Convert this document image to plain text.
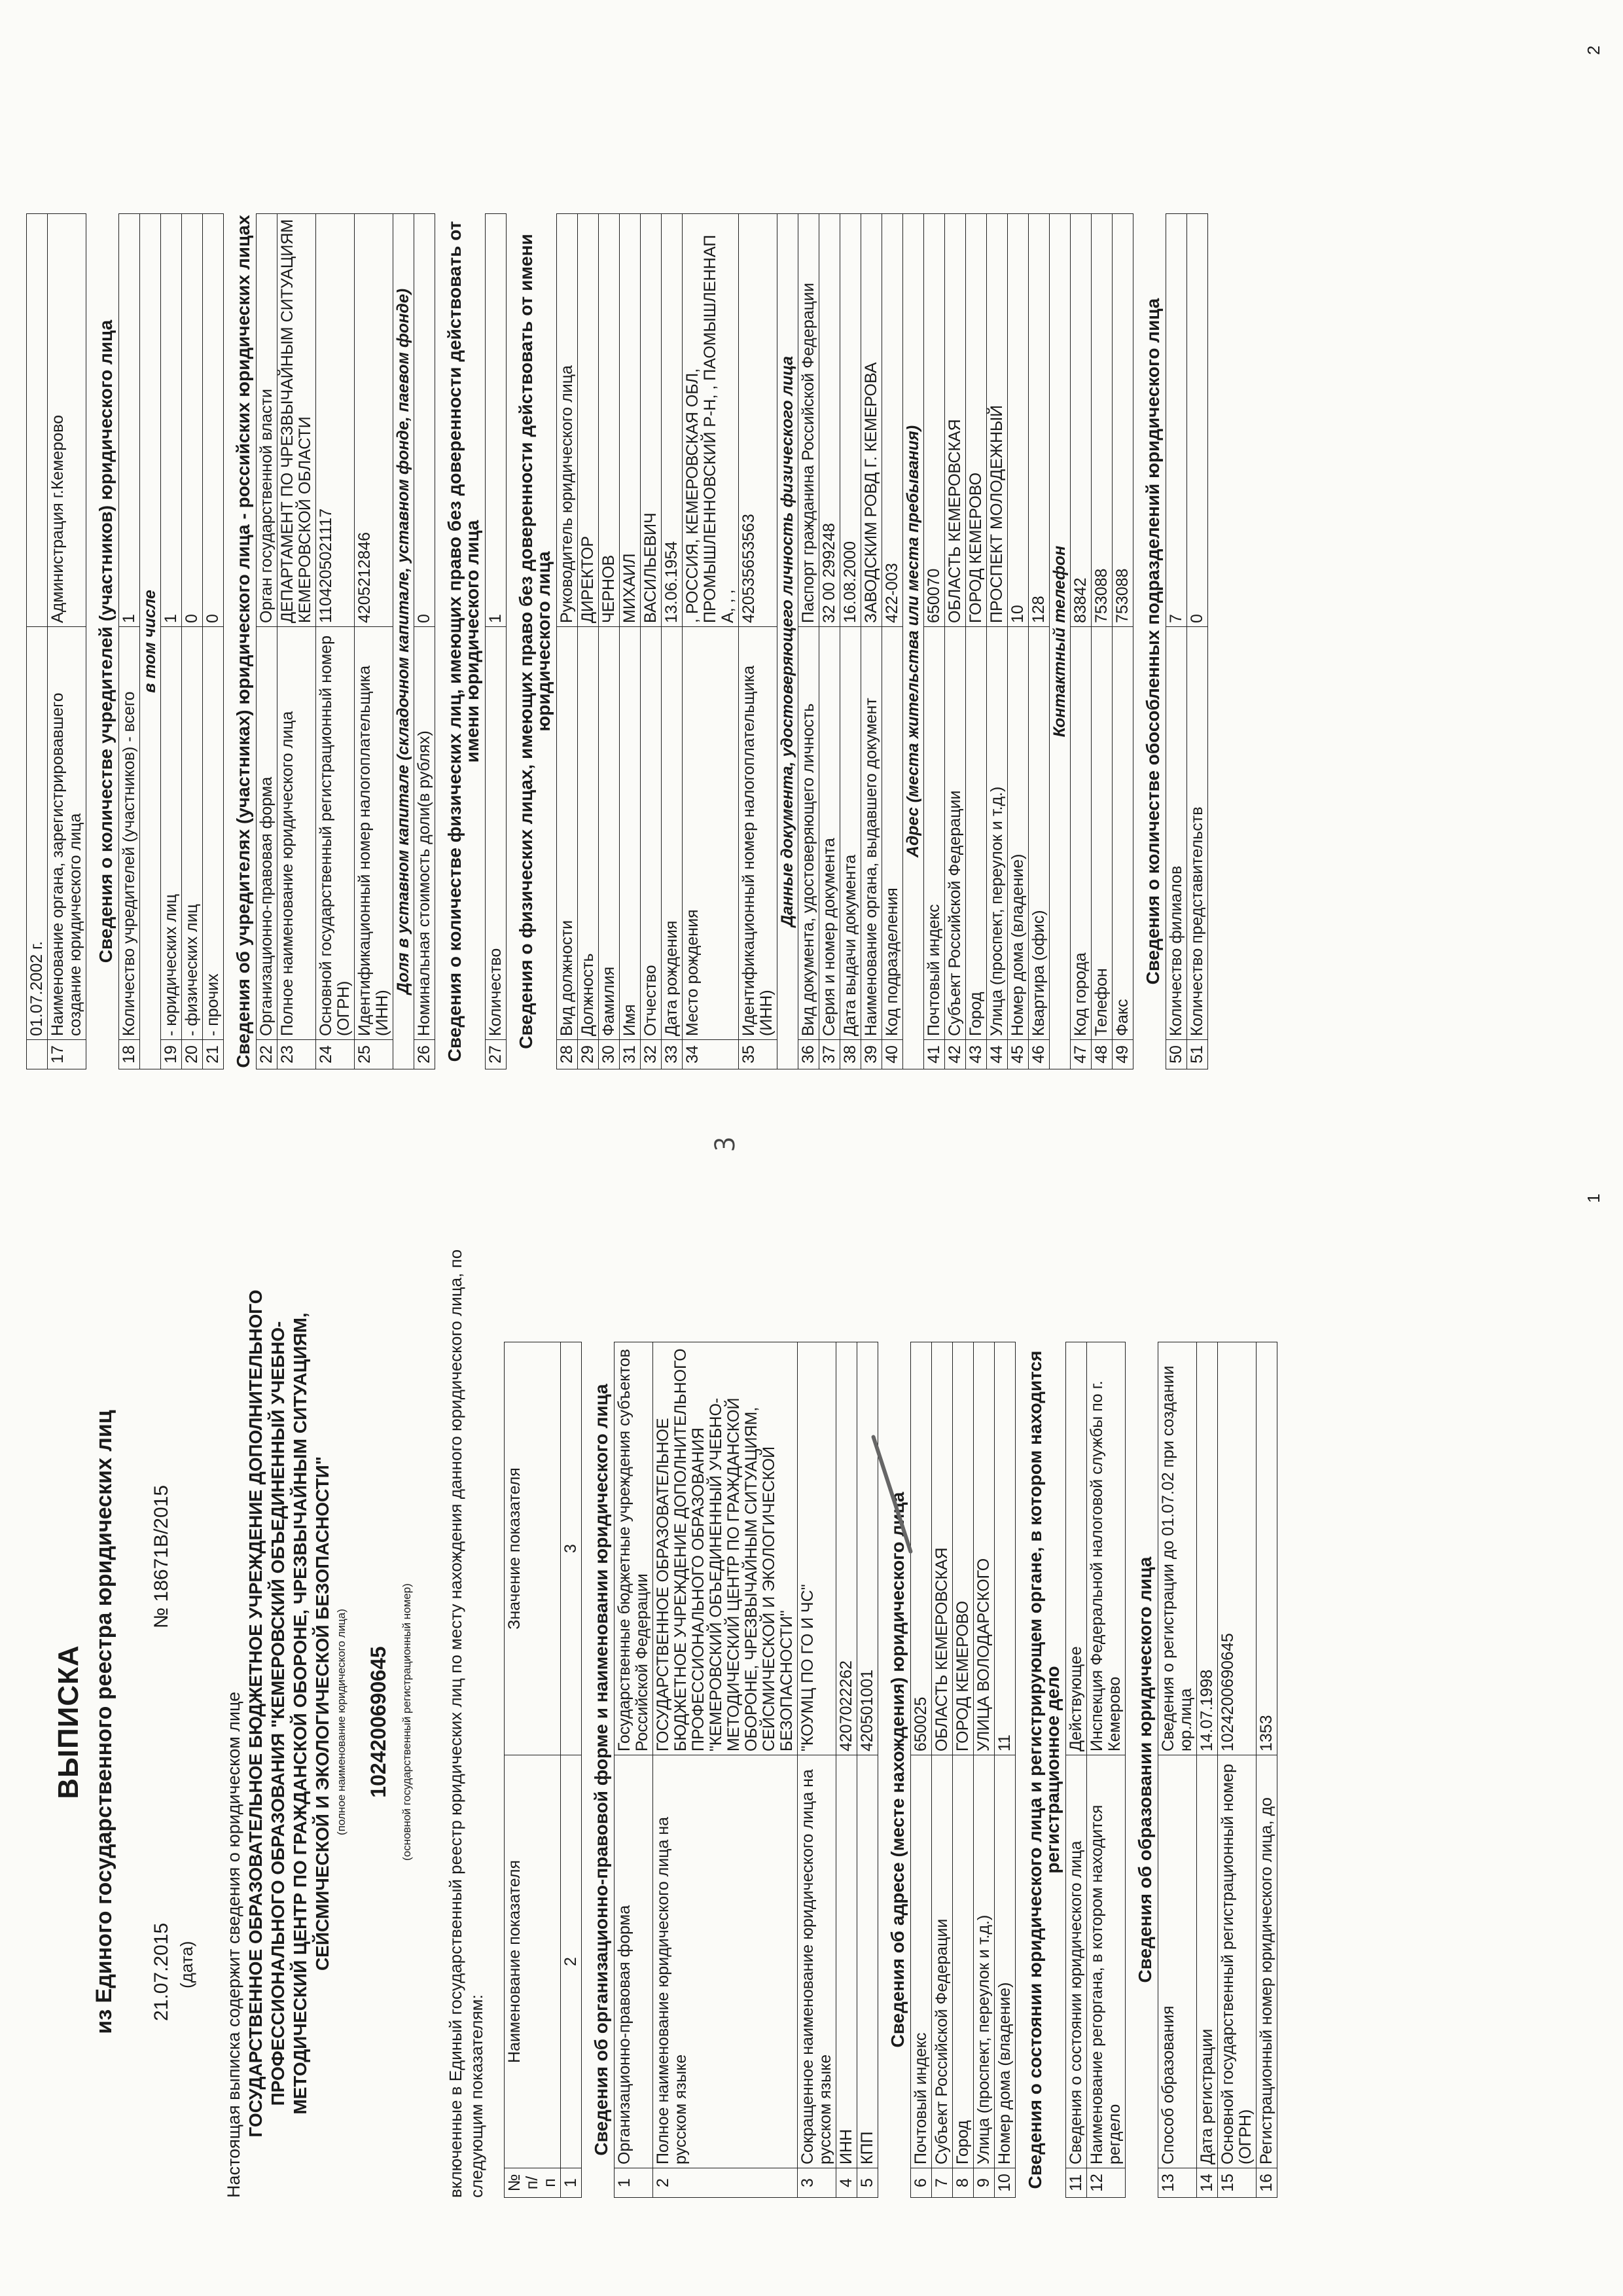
ВЫПИСКА из Единого государственного реестра юридических лиц 21.07.2015 (дата)
№ 18671В/2015
Настоящая выписка содержит сведения о юридическом лице ГОСУДАРСТВЕННОЕ ОБРАЗОВАТЕЛЬНОЕ БЮДЖЕТНОЕ УЧРЕЖДЕНИЕ ДОПОЛНИТЕЛЬНОГО ПРОФЕССИОНАЛЬНОГО ОБРАЗОВАНИЯ "КЕМЕРОВСКИЙ ОБЪЕДИНЕННЫЙ УЧЕБНО-МЕТОДИЧЕСКИЙ ЦЕНТР ПО ГРАЖДАНСКОЙ ОБОРОНЕ, ЧРЕЗВЫЧАЙНЫМ СИТУАЦИЯМ, СЕЙСМИЧЕСКОЙ И ЭКОЛОГИЧЕСКОЙ БЕЗОПАСНОСТИ" (полное наименование юридического лица) 1024200690645 (основной государственный регистрационный номер) включенные в Единый государственный реестр юридических лиц по месту нахождения данного юридического лица, по следующим показателям: № п/п	Наименование показателя	Значение показателя
1	2	3
Сведения об организационно-правовой форме и наименовании юридического лица		
1	Организационно-правовая форма	Государственные бюджетные учреждения субъектов Российской Федерации
2	Полное наименование юридического лица на русском языке	ГОСУДАРСТВЕННОЕ ОБРАЗОВАТЕЛЬНОЕ БЮДЖЕТНОЕ УЧРЕЖДЕНИЕ ДОПОЛНИТЕЛЬНОГО ПРОФЕССИОНАЛЬНОГО ОБРАЗОВАНИЯ "КЕМЕРОВСКИЙ ОБЪЕДИНЕННЫЙ УЧЕБНО-МЕТОДИЧЕСКИЙ ЦЕНТР ПО ГРАЖДАНСКОЙ ОБОРОНЕ, ЧРЕЗВЫЧАЙНЫМ СИТУАЦИЯМ, СЕЙСМИЧЕСКОЙ И ЭКОЛОГИЧЕСКОЙ БЕЗОПАСНОСТИ"
3	Сокращенное наименование юридического лица на русском языке	"КОУМЦ ПО ГО И ЧС"
4	ИНН	4207022262
5	КПП	420501001
Сведения об адресе (месте нахождения) юридического лица		
6	Почтовый индекс	650025
7	Субъект Российской Федерации	ОБЛАСТЬ КЕМЕРОВСКАЯ
8	Город	ГОРОД КЕМЕРОВО
9	Улица (проспект, переулок и т.д.)	УЛИЦА ВОЛОДАРСКОГО
10	Номер дома (владение)	11
Сведения о состоянии юридического лица и регистрирующем органе, в котором находится регистрационное дело		
11	Сведения о состоянии юридического лица	Действующее
12	Наименование регоргана, в котором находится регдело	Инспекция Федеральной налоговой службы по г. Кемерово
Сведения об образовании юридического лица		
13	Способ образования	Сведения о регистрации до 01.07.02 при создании юр.лица
14	Дата регистрации	14.07.1998
15	Основной государственный регистрационный номер (ОГРН)	1024200690645
16	Регистрационный номер юридического лица, до	1353
1
ꝫ
	01.07.2002 г.	
17	Наименование органа, зарегистрировавшего создание юридического лица	Администрация г.Кемерово
Сведения о количестве учредителей (участников) юридического лица		
18	Количество учредителей (участников) - всего	1
в том числе		
19	- юридических лиц	1
20	- физических лиц	0
21	- прочих	0
Сведения об учредителях (участниках) юридического лица - российских юридических лицах		
22	Организационно-правовая форма	Орган государственной власти
23	Полное наименование юридического лица	ДЕПАРТАМЕНТ ПО ЧРЕЗВЫЧАЙНЫМ СИТУАЦИЯМ КЕМЕРОВСКОЙ ОБЛАСТИ
24	Основной государственный регистрационный номер (ОГРН)	1104205021117
25	Идентификационный номер налогоплательщика (ИНН)	4205212846
Доля в уставном капитале (складочном капитале, уставном фонде, паевом фонде)		
26	Номинальная стоимость доли(в рублях)	0
Сведения о количестве физических лиц, имеющих право без доверенности действовать от имени юридического лица		
27	Количество	1
Сведения о физических лицах, имеющих право без доверенности действовать от имени юридического лица		
28	Вид должности	Руководитель юридического лица
29	Должность	ДИРЕКТОР
30	Фамилия	ЧЕРНОВ
31	Имя	МИХАИЛ
32	Отчество	ВАСИЛЬЕВИЧ
33	Дата рождения	13.06.1954
34	Место рождения	, РОССИЯ, КЕМЕРОВСКАЯ ОБЛ, ПРОМЫШЛЕННОВСКИЙ Р-Н, , ПАОМЫШЛЕННАП А, , ,
35	Идентификационный номер налогоплательщика (ИНН)	420535653563
Данные документа, удостоверяющего личность физического лица		
36	Вид документа, удостоверяющего личность	Паспорт гражданина Российской Федерации
37	Серия и номер документа	32 00 299248
38	Дата выдачи документа	16.08.2000
39	Наименование органа, выдавшего документ	ЗАВОДСКИМ РОВД Г. КЕМЕРОВА
40	Код подразделения	422-003
Адрес (места жительства или места пребывания)		
41	Почтовый индекс	650070
42	Субъект Российской Федерации	ОБЛАСТЬ КЕМЕРОВСКАЯ
43	Город	ГОРОД КЕМЕРОВО
44	Улица (проспект, переулок и т.д.)	ПРОСПЕКТ МОЛОДЕЖНЫЙ
45	Номер дома (владение)	10
46	Квартира (офис)	128
Контактный телефон		
47	Код города	83842
48	Телефон	753088
49	Факс	753088
Сведения о количестве обособленных подразделений юридического лица		
50	Количество филиалов	7
51	Количество представительств	0
2
